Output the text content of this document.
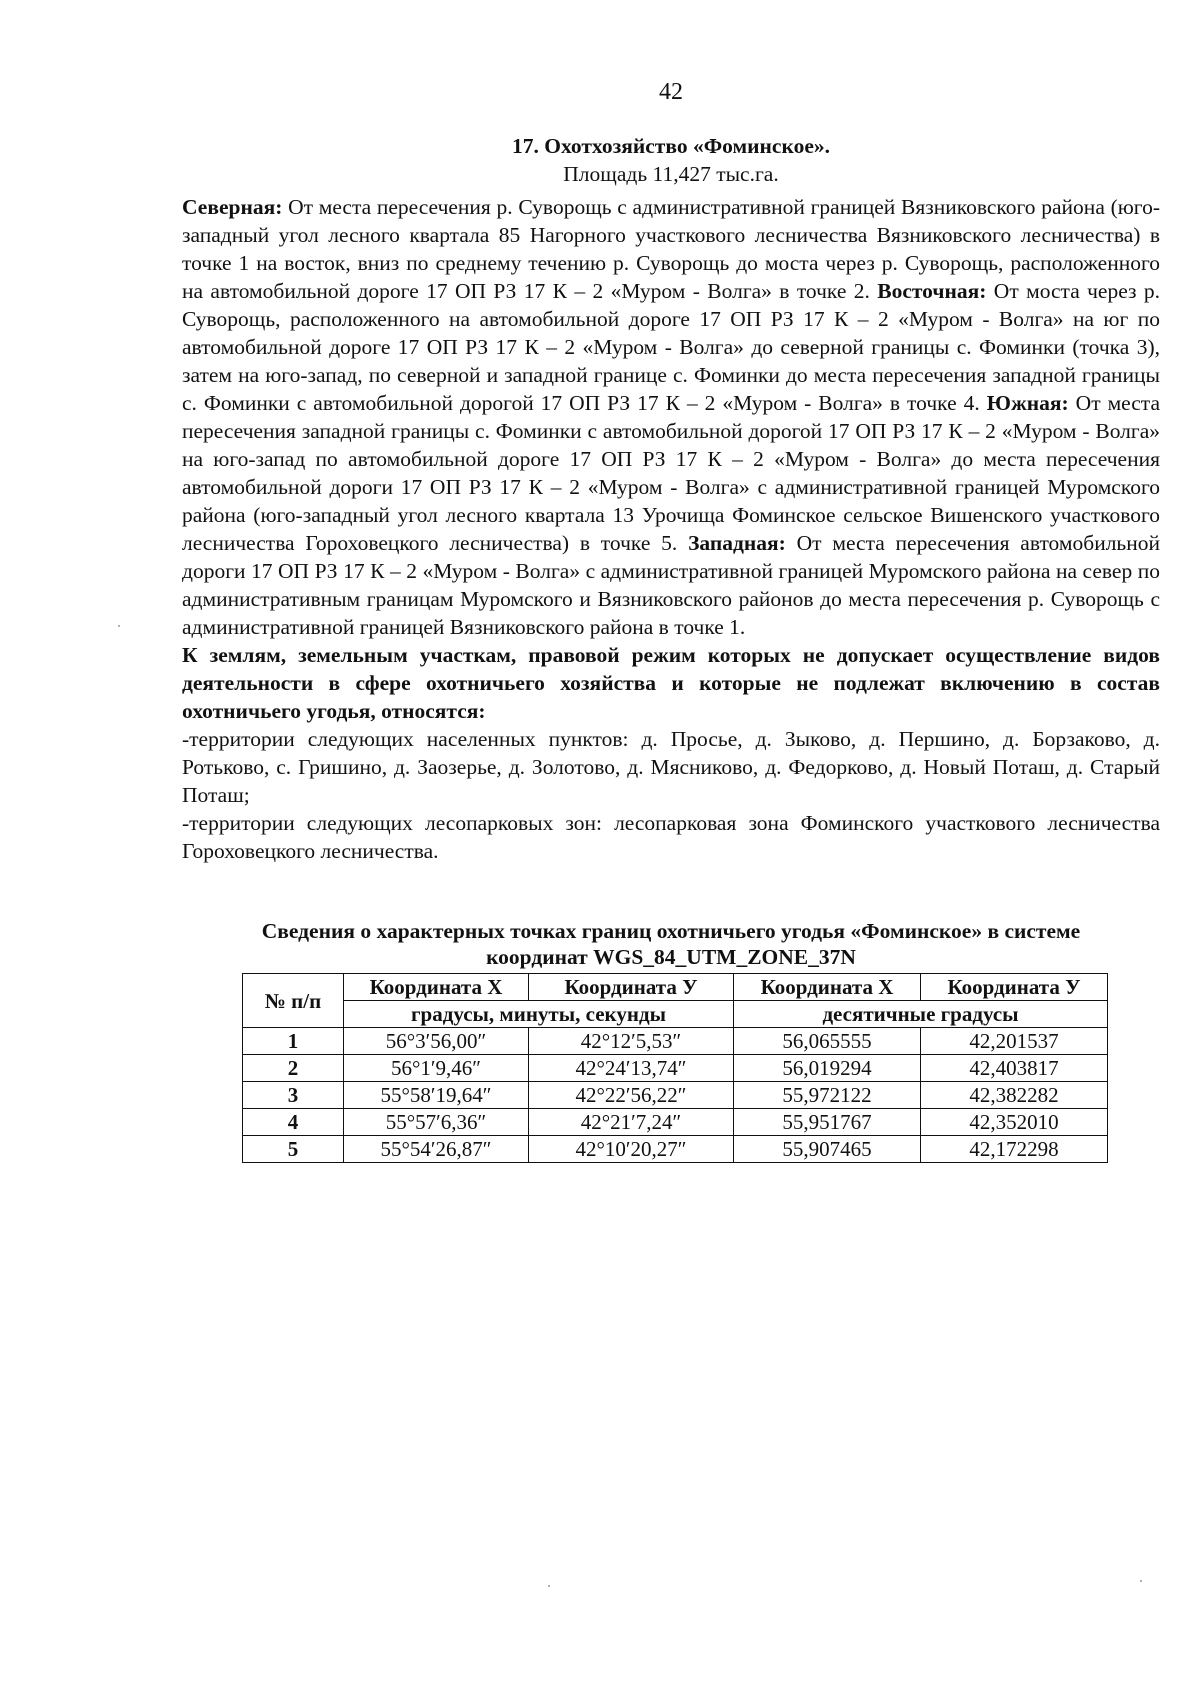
42
17. Охотхозяйство «Фоминское».
Площадь 11,427 тыс.га.

Северная: От места пересечения р. Суворощь с административной границей Вязниковского района (юго-западный угол лесного квартала 85 Нагорного участкового лесничества Вязниковского лесничества) в точке 1 на восток, вниз по среднему течению р. Суворощь до моста через р. Суворощь, расположенного на автомобильной дороге 17 ОП РЗ 17 К – 2 «Муром - Волга» в точке 2. Восточная: От моста через р. Суворощь, расположенного на автомобильной дороге 17 ОП РЗ 17 К – 2 «Муром - Волга» на юг по автомобильной дороге 17 ОП РЗ 17 К – 2 «Муром - Волга» до северной границы с. Фоминки (точка 3), затем на юго-запад, по северной и западной границе с. Фоминки до места пересечения западной границы с. Фоминки с автомобильной дорогой 17 ОП РЗ 17 К – 2 «Муром - Волга» в точке 4. Южная: От места пересечения западной границы с. Фоминки с автомобильной дорогой 17 ОП РЗ 17 К – 2 «Муром - Волга» на юго-запад по автомобильной дороге 17 ОП РЗ 17 К – 2 «Муром - Волга» до места пересечения автомобильной дороги 17 ОП РЗ 17 К – 2 «Муром - Волга» с административной границей Муромского района (юго-западный угол лесного квартала 13 Урочища Фоминское сельское Вишенского участкового лесничества Гороховецкого лесничества) в точке 5. Западная: От места пересечения автомобильной дороги 17 ОП РЗ 17 К – 2 «Муром - Волга» с административной границей Муромского района на север по административным границам Муромского и Вязниковского районов до места пересечения р. Суворощь с административной границей Вязниковского района в точке 1.

К землям, земельным участкам, правовой режим которых не допускает осуществление видов деятельности в сфере охотничьего хозяйства и которые не подлежат включению в состав охотничьего угодья, относятся:

-территории следующих населенных пунктов: д. Просье, д. Зыково, д. Першино, д. Борзаково, д. Ротьково, с. Гришино, д. Заозерье, д. Золотово, д. Мясниково, д. Федорково, д. Новый Поташ, д. Старый Поташ;

-территории следующих лесопарковых зон: лесопарковая зона Фоминского участкового лесничества Гороховецкого лесничества.

Сведения о характерных точках границ охотничьего угодья «Фоминское» в системе
координат WGS_84_UTM_ZONE_37N
№ п/п	Координата X	Координата У	Координата X	Координата У
	градусы, минуты, секунды		десятичные градусы	
1	56°3′56,00″	42°12′5,53″	56,065555	42,201537
2	56°1′9,46″	42°24′13,74″	56,019294	42,403817
3	55°58′19,64″	42°22′56,22″	55,972122	42,382282
4	55°57′6,36″	42°21′7,24″	55,951767	42,352010
5	55°54′26,87″	42°10′20,27″	55,907465	42,172298
